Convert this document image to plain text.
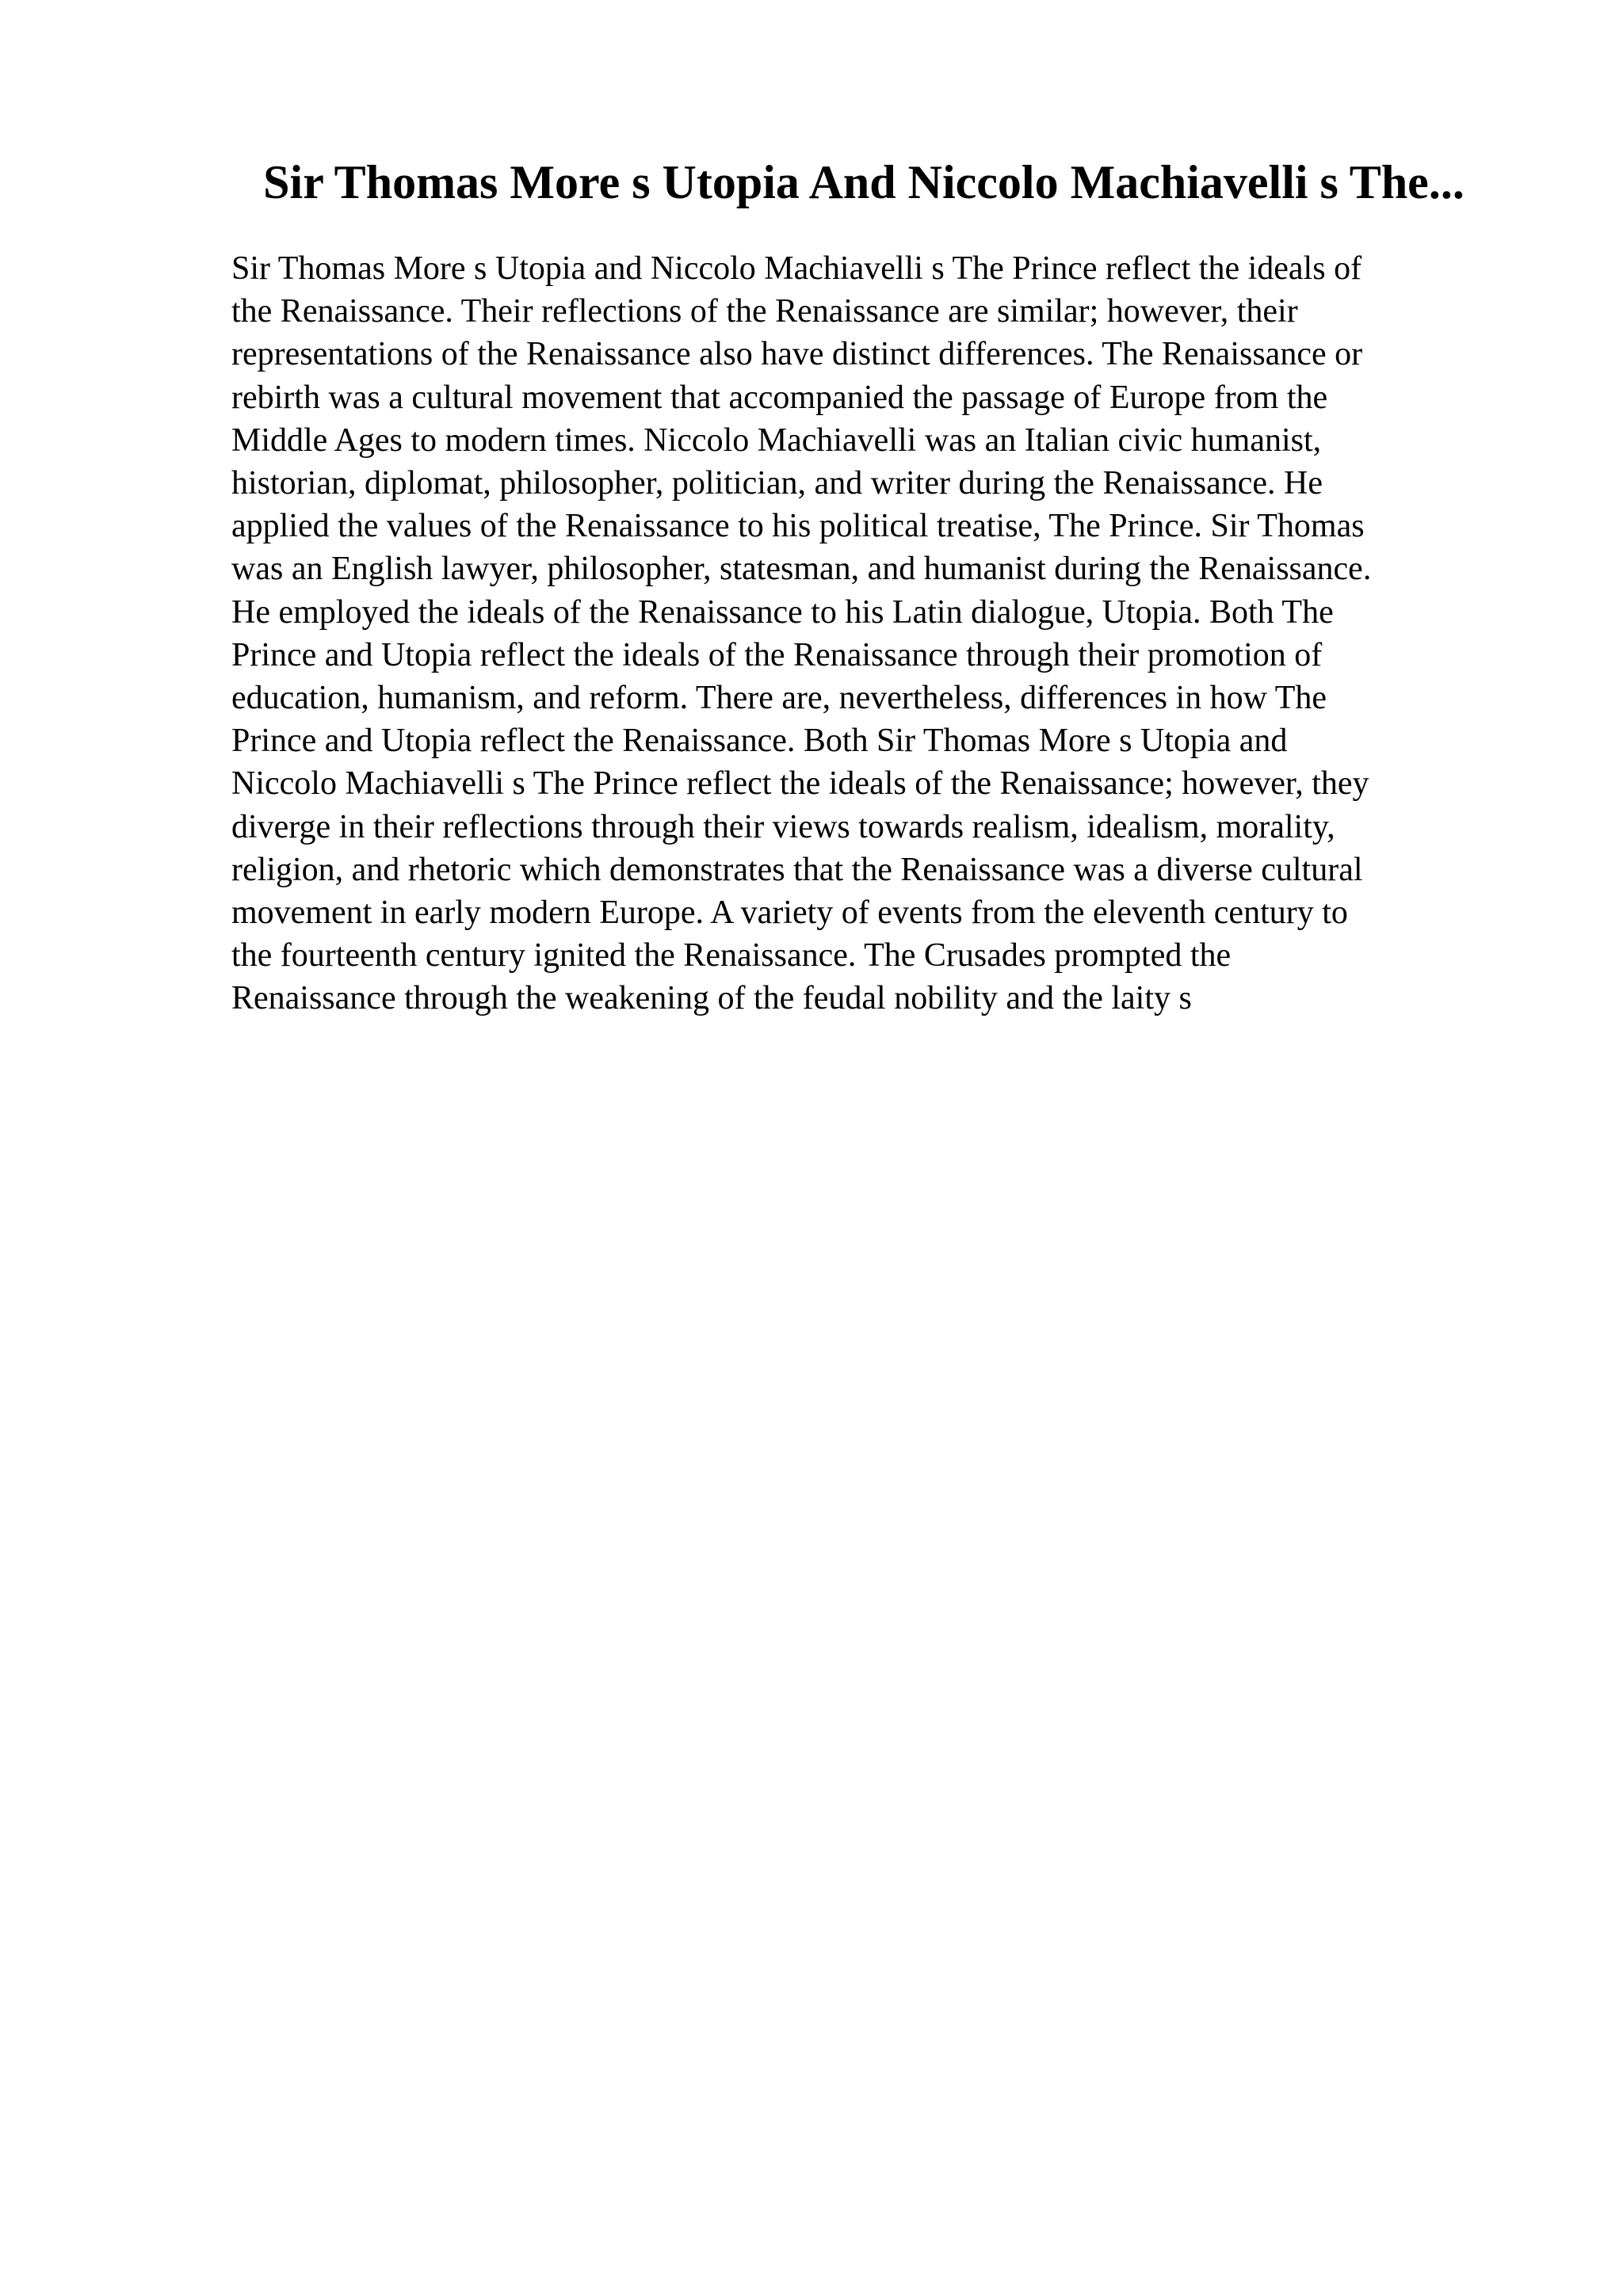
Sir Thomas More s Utopia And Niccolo Machiavelli s The...
Sir Thomas More s Utopia and Niccolo Machiavelli s The Prince reflect the ideals of
the Renaissance. Their reflections of the Renaissance are similar; however, their
representations of the Renaissance also have distinct differences. The Renaissance or
rebirth was a cultural movement that accompanied the passage of Europe from the
Middle Ages to modern times. Niccolo Machiavelli was an Italian civic humanist,
historian, diplomat, philosopher, politician, and writer during the Renaissance. He
applied the values of the Renaissance to his political treatise, The Prince. Sir Thomas
was an English lawyer, philosopher, statesman, and humanist during the Renaissance.
He employed the ideals of the Renaissance to his Latin dialogue, Utopia. Both The
Prince and Utopia reflect the ideals of the Renaissance through their promotion of
education, humanism, and reform. There are, nevertheless, differences in how The
Prince and Utopia reflect the Renaissance. Both Sir Thomas More s Utopia and
Niccolo Machiavelli s The Prince reflect the ideals of the Renaissance; however, they
diverge in their reflections through their views towards realism, idealism, morality,
religion, and rhetoric which demonstrates that the Renaissance was a diverse cultural
movement in early modern Europe. A variety of events from the eleventh century to
the fourteenth century ignited the Renaissance. The Crusades prompted the
Renaissance through the weakening of the feudal nobility and the laity s
